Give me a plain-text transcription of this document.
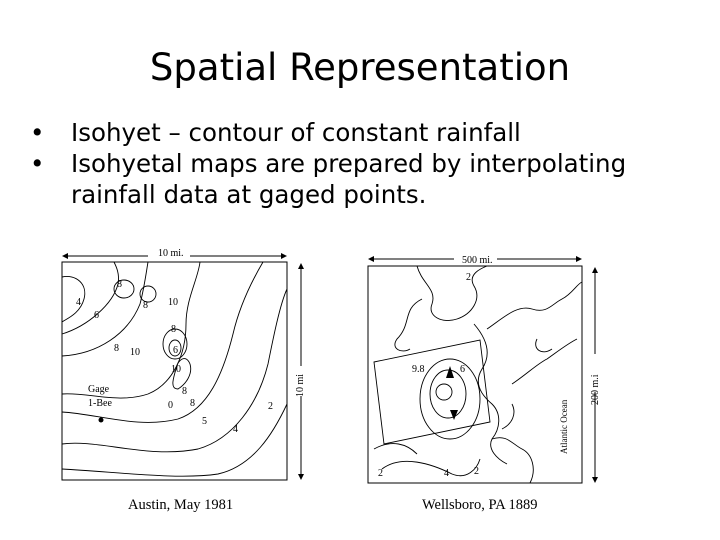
Spatial Representation
• Isohyet – contour of constant rainfall
• Isohyetal maps are prepared by interpolating rainfall data at gaged points.
10 mi.
10 mi
Gage
1-Bee
4
8
6
8 10
8
10
8	6
10
0 8
8
5
2
4
500 mi.
200 m.i
Atlantic Ocean
2
9.8	6
2	4	2
Austin, May 1981	Wellsboro, PA 1889
